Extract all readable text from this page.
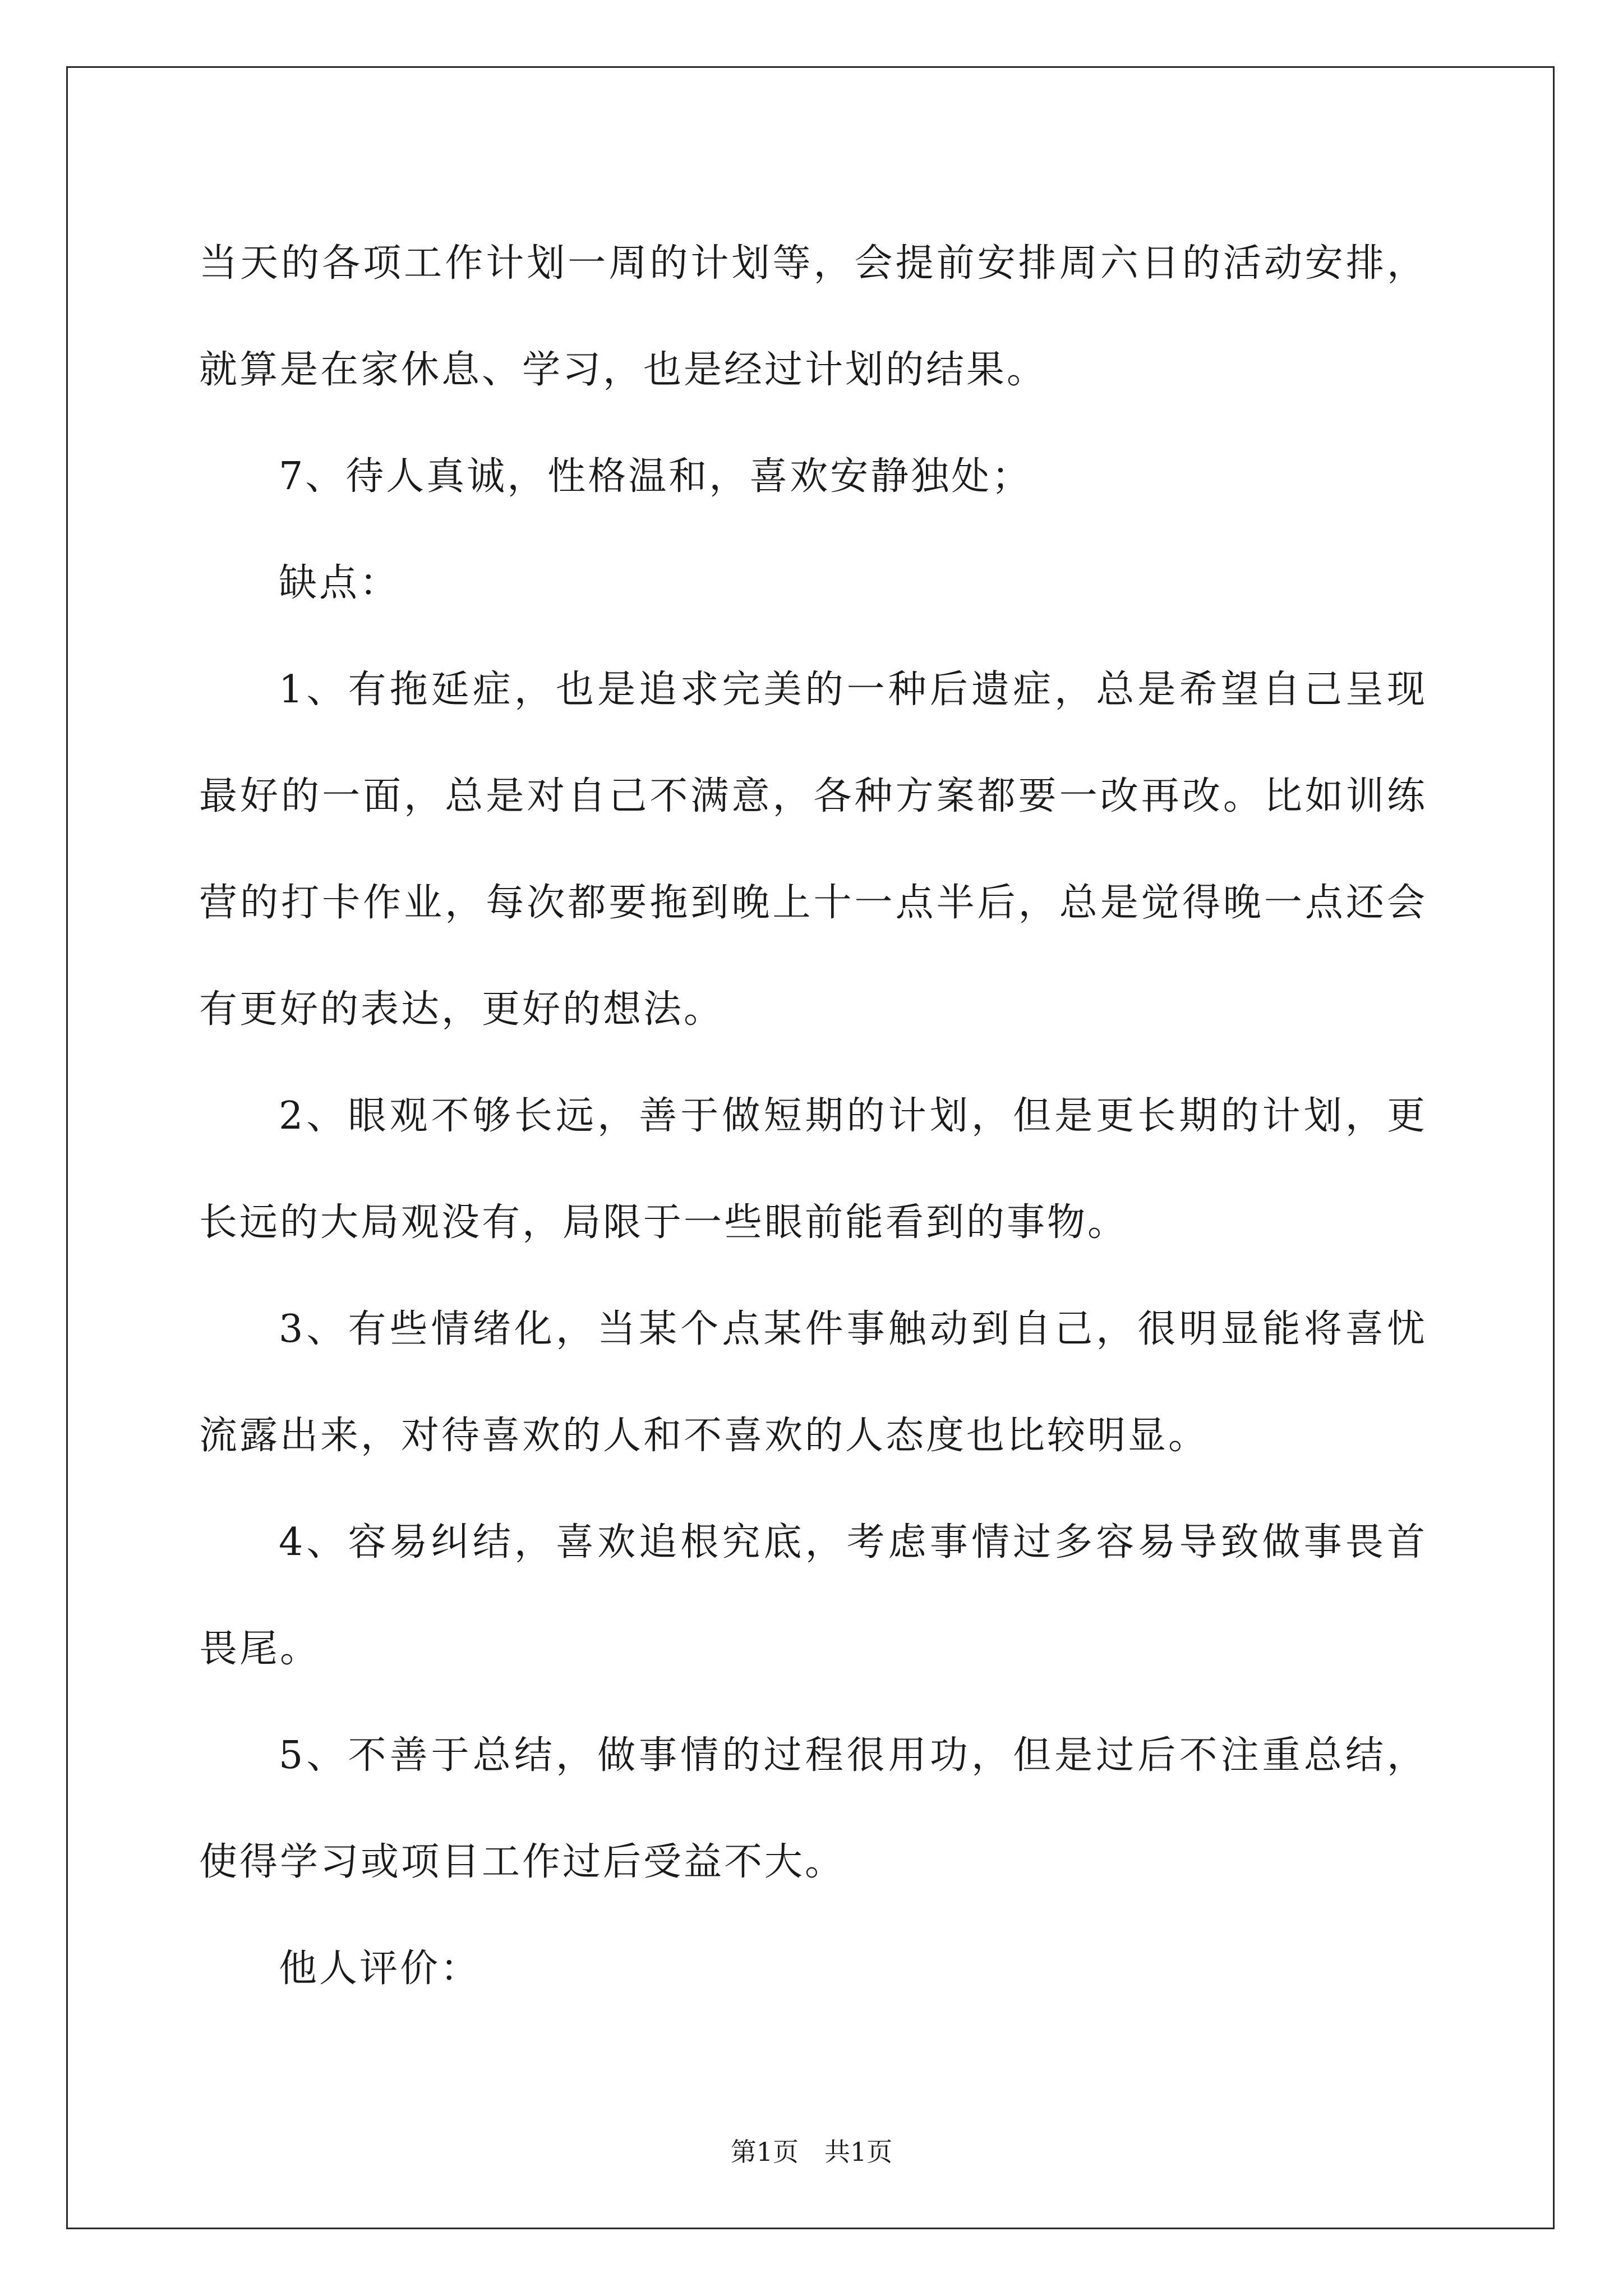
当天的各项工作计划一周的计划等，会提前安排周六日的活动安排，就算是在家休息、学习，也是经过计划的结果。

7、待人真诚，性格温和，喜欢安静独处；

缺点：

1、有拖延症，也是追求完美的一种后遗症，总是希望自己呈现最好的一面，总是对自己不满意，各种方案都要一改再改。比如训练营的打卡作业，每次都要拖到晚上十一点半后，总是觉得晚一点还会有更好的表达，更好的想法。

2、眼观不够长远，善于做短期的计划，但是更长期的计划，更长远的大局观没有，局限于一些眼前能看到的事物。

3、有些情绪化，当某个点某件事触动到自己，很明显能将喜忧流露出来，对待喜欢的人和不喜欢的人态度也比较明显。

4、容易纠结，喜欢追根究底，考虑事情过多容易导致做事畏首畏尾。

5、不善于总结，做事情的过程很用功，但是过后不注重总结，使得学习或项目工作过后受益不大。

他人评价：

第1页　共1页
